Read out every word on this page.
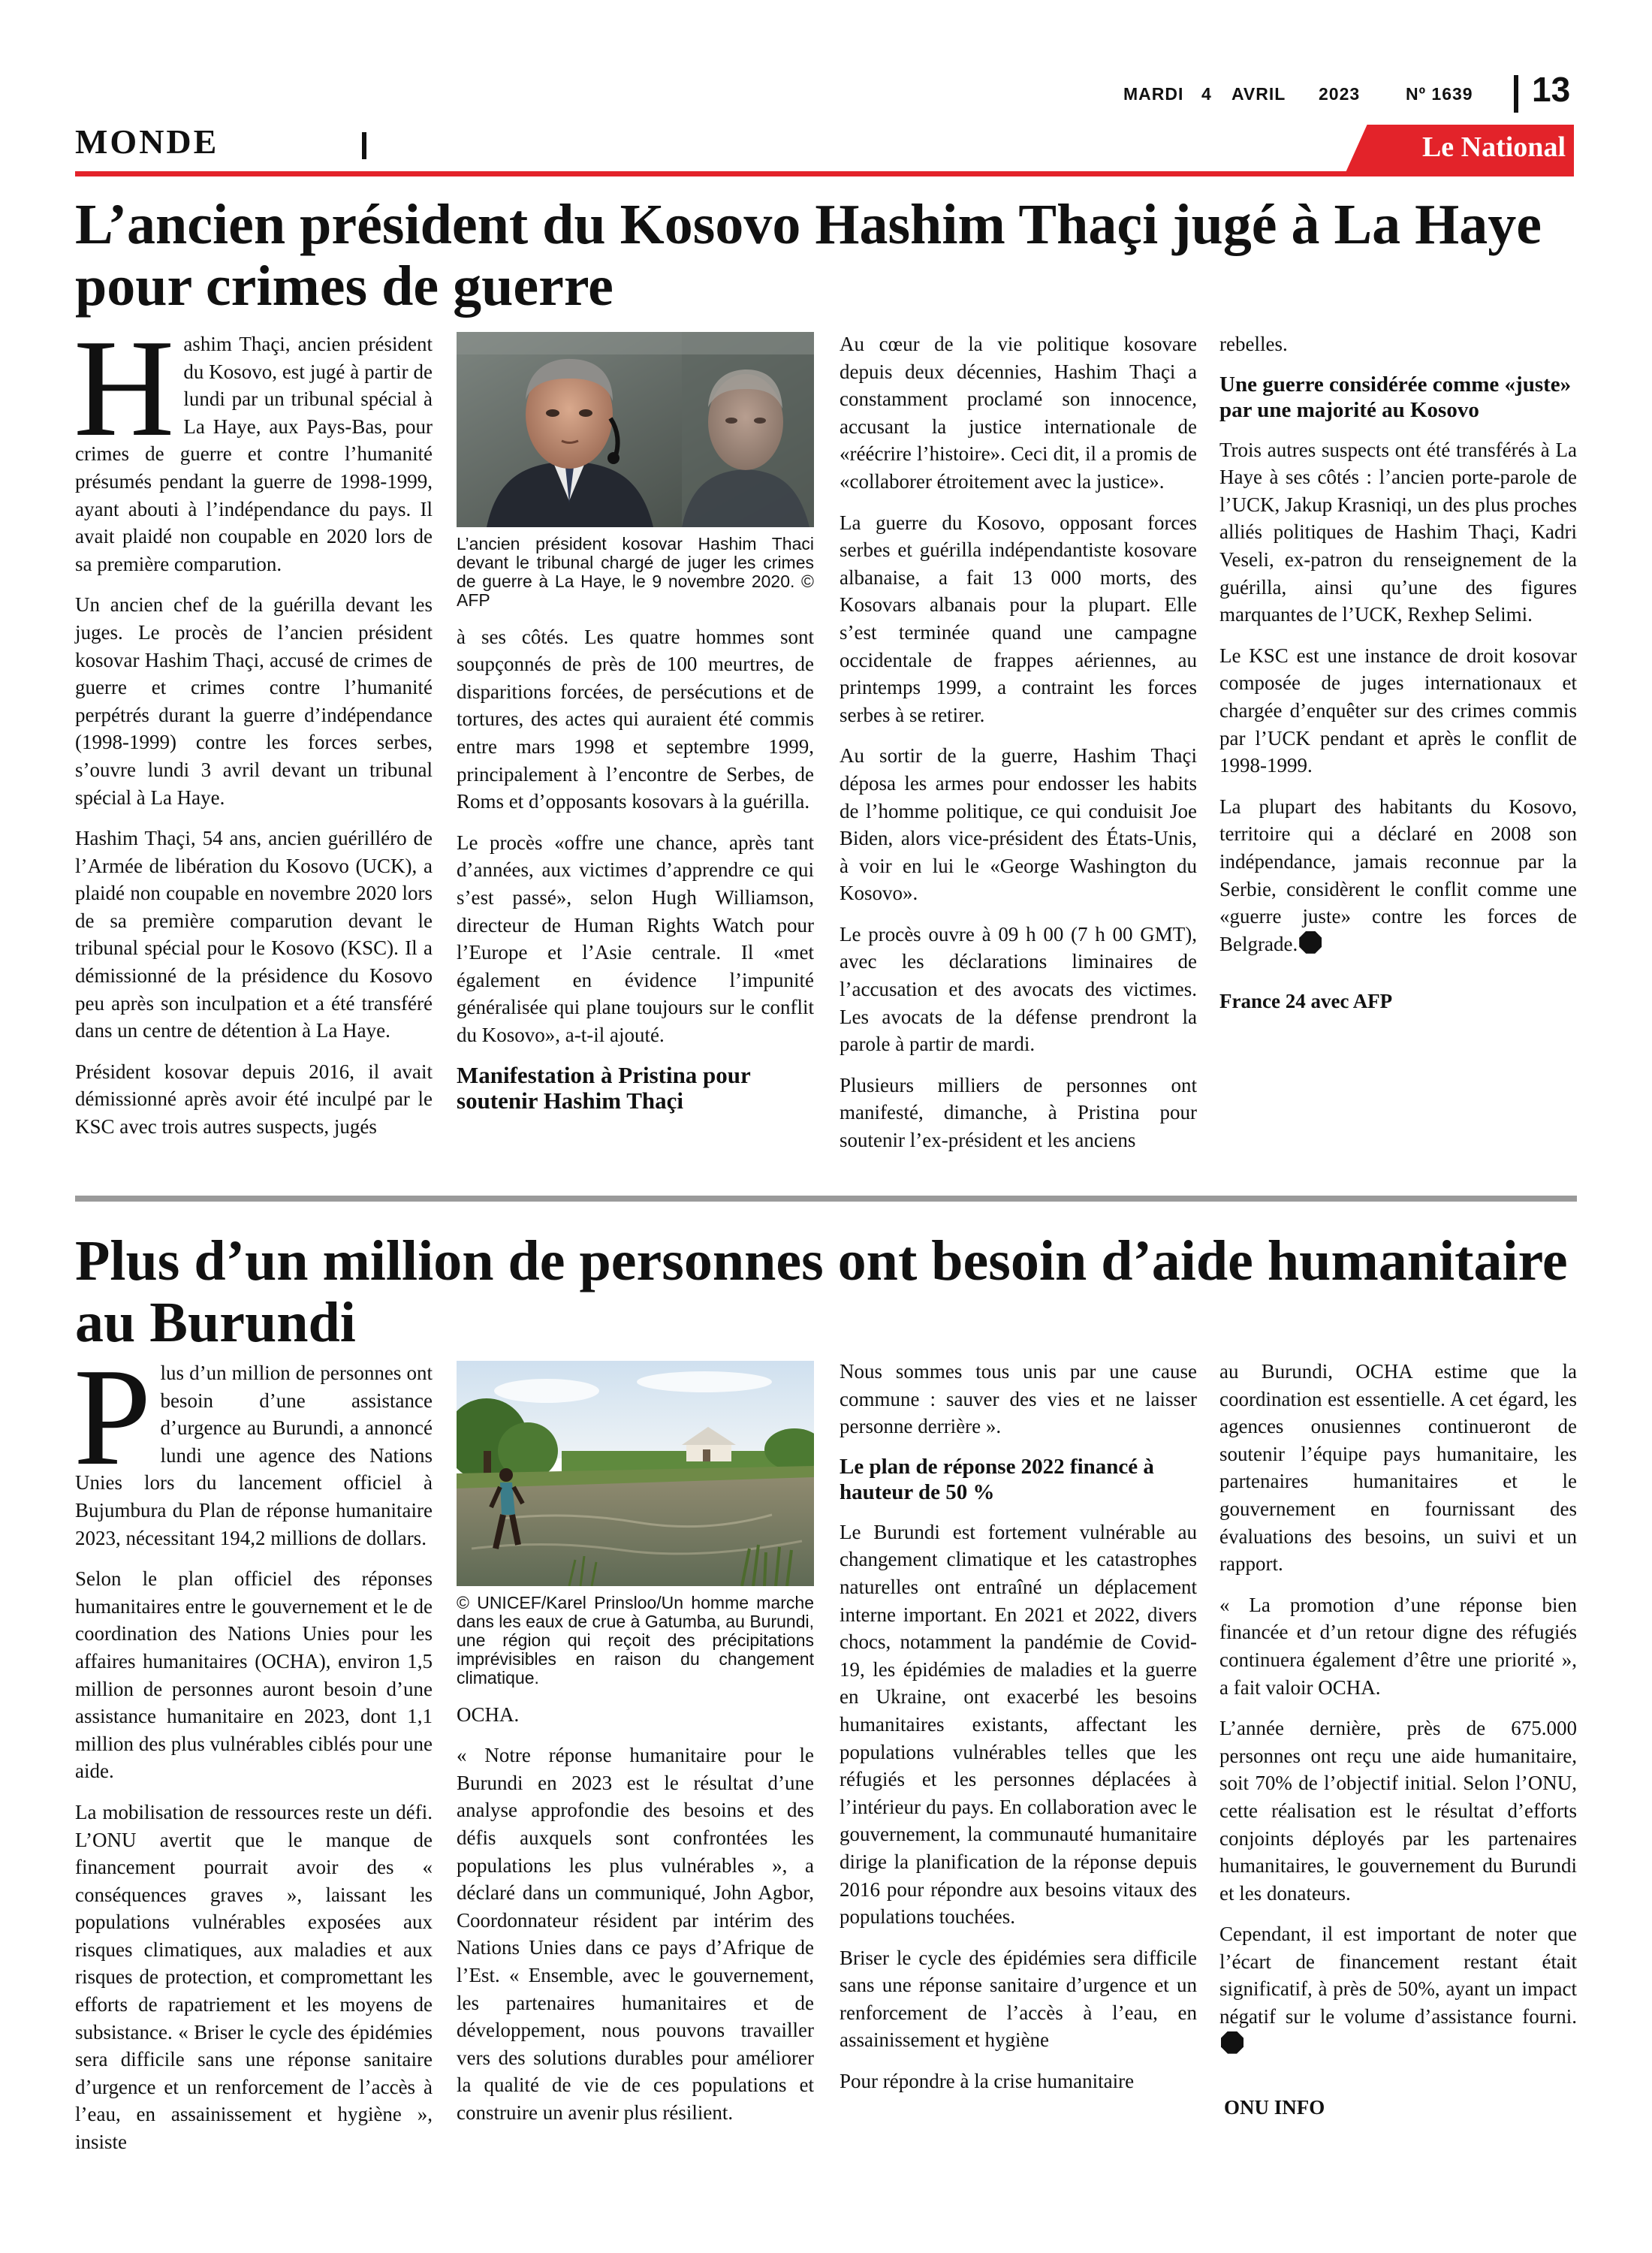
MARDI 4 AVRIL 2023	Nº 1639 13
MONDE	Le National
L’ancien président du Kosovo Hashim Thaçi jugé à La Haye pour crimes de guerre

Hashim Thaçi, ancien président du Kosovo, est jugé à partir de lundi par un tribunal spécial à La Haye, aux Pays-Bas, pour crimes de guerre et contre l’humanité présumés pendant la guerre de 1998-1999, ayant abouti à l’indépendance du pays. Il avait plaidé non coupable en 2020 lors de sa première comparution.

Un ancien chef de la guérilla devant les juges. Le procès de l’ancien président kosovar Hashim Thaçi, accusé de crimes de guerre et crimes contre l’humanité perpétrés durant la guerre d’indépendance (1998-1999) contre les forces serbes, s’ouvre lundi 3 avril devant un tribunal spécial à La Haye.

Hashim Thaçi, 54 ans, ancien guérilléro de l’Armée de libération du Kosovo (UCK), a plaidé non coupable en novembre 2020 lors de sa première comparution devant le tribunal spécial pour le Kosovo (KSC). Il a démissionné de la présidence du Kosovo peu après son inculpation et a été transféré dans un centre de détention à La Haye.

Président kosovar depuis 2016, il avait démissionné après avoir été inculpé par le KSC avec trois autres suspects, jugés

L’ancien président kosovar Hashim Thaci devant le tribunal chargé de juger les crimes de guerre à La Haye, le 9 novembre 2020. © AFP

à ses côtés. Les quatre hommes sont soupçonnés de près de 100 meurtres, de disparitions forcées, de persécutions et de tortures, des actes qui auraient été commis entre mars 1998 et septembre 1999, principalement à l’encontre de Serbes, de Roms et d’opposants kosovars à la guérilla.

Le procès «offre une chance, après tant d’années, aux victimes d’apprendre ce qui s’est passé», selon Hugh Williamson, directeur de Human Rights Watch pour l’Europe et l’Asie centrale. Il «met également en évidence l’impunité généralisée qui plane toujours sur le conflit du Kosovo», a-t-il ajouté.

Manifestation à Pristina pour soutenir Hashim Thaçi

Au cœur de la vie politique kosovare depuis deux décennies, Hashim Thaçi a constamment proclamé son innocence, accusant la justice internationale de «réécrire l’histoire». Ceci dit, il a promis de «collaborer étroitement avec la justice».

La guerre du Kosovo, opposant forces serbes et guérilla indépendantiste kosovare albanaise, a fait 13 000 morts, des Kosovars albanais pour la plupart. Elle s’est terminée quand une campagne occidentale de frappes aériennes, au printemps 1999, a contraint les forces serbes à se retirer.

Au sortir de la guerre, Hashim Thaçi déposa les armes pour endosser les habits de l’homme politique, ce qui conduisit Joe Biden, alors vice-président des États-Unis, à voir en lui le «George Washington du Kosovo».

Le procès ouvre à 09 h 00 (7 h 00 GMT), avec les déclarations liminaires de l’accusation et des avocats des victimes. Les avocats de la défense prendront la parole à partir de mardi.

Plusieurs milliers de personnes ont manifesté, dimanche, à Pristina pour soutenir l’ex-président et les anciens

rebelles.

Une guerre considérée comme «juste» par une majorité au Kosovo

Trois autres suspects ont été transférés à La Haye à ses côtés : l’ancien porte-parole de l’UCK, Jakup Krasniqi, un des plus proches alliés politiques de Hashim Thaçi, Kadri Veseli, ex-patron du renseignement de la guérilla, ainsi qu’une des figures marquantes de l’UCK, Rexhep Selimi.

Le KSC est une instance de droit kosovar composée de juges internationaux et chargée d’enquêter sur des crimes commis par l’UCK pendant et après le conflit de 1998-1999.

La plupart des habitants du Kosovo, territoire qui a déclaré en 2008 son indépendance, jamais reconnue par la Serbie, considèrent le conflit comme une «guerre juste» contre les forces de Belgrade.

France 24 avec AFP

Plus d’un million de personnes ont besoin d’aide humanitaire au Burundi

Plus d’un million de personnes ont besoin d’une assistance d’urgence au Burundi, a annoncé lundi une agence des Nations Unies lors du lancement officiel à Bujumbura du Plan de réponse humanitaire 2023, nécessitant 194,2 millions de dollars.

Selon le plan officiel des réponses humanitaires entre le gouvernement et le de coordination des Nations Unies pour les affaires humanitaires (OCHA), environ 1,5 million de personnes auront besoin d’une assistance humanitaire en 2023, dont 1,1 million des plus vulnérables ciblés pour une aide.

La mobilisation de ressources reste un défi. L’ONU avertit que le manque de financement pourrait avoir des « conséquences graves », laissant les populations vulnérables exposées aux risques climatiques, aux maladies et aux risques de protection, et compromettant les efforts de rapatriement et les moyens de subsistance. « Briser le cycle des épidémies sera difficile sans une réponse sanitaire d’urgence et un renforcement de l’accès à l’eau, en assainissement et hygiène », insiste

© UNICEF/Karel Prinsloo/Un homme marche dans les eaux de crue à Gatumba, au Burundi, une région qui reçoit des précipitations imprévisibles en raison du changement climatique.

OCHA.

« Notre réponse humanitaire pour le Burundi en 2023 est le résultat d’une analyse approfondie des besoins et des défis auxquels sont confrontées les populations les plus vulnérables », a déclaré dans un communiqué, John Agbor, Coordonnateur résident par intérim des Nations Unies dans ce pays d’Afrique de l’Est. « Ensemble, avec le gouvernement, les partenaires humanitaires et de développement, nous pouvons travailler vers des solutions durables pour améliorer la qualité de vie de ces populations et construire un avenir plus résilient.

Nous sommes tous unis par une cause commune : sauver des vies et ne laisser personne derrière ».

Le plan de réponse 2022 financé à hauteur de 50 %

Le Burundi est fortement vulnérable au changement climatique et les catastrophes naturelles ont entraîné un déplacement interne important. En 2021 et 2022, divers chocs, notamment la pandémie de Covid-19, les épidémies de maladies et la guerre en Ukraine, ont exacerbé les besoins humanitaires existants, affectant les populations vulnérables telles que les réfugiés et les personnes déplacées à l’intérieur du pays. En collaboration avec le gouvernement, la communauté humanitaire dirige la planification de la réponse depuis 2016 pour répondre aux besoins vitaux des populations touchées.

Briser le cycle des épidémies sera difficile sans une réponse sanitaire d’urgence et un renforcement de l’accès à l’eau, en assainissement et hygiène

Pour répondre à la crise humanitaire

au Burundi, OCHA estime que la coordination est essentielle. A cet égard, les agences onusiennes continueront de soutenir l’équipe pays humanitaire, les partenaires humanitaires et le gouvernement en fournissant des évaluations des besoins, un suivi et un rapport.

« La promotion d’une réponse bien financée et d’un retour digne des réfugiés continuera également d’être une priorité », a fait valoir OCHA.

L’année dernière, près de 675.000 personnes ont reçu une aide humanitaire, soit 70% de l’objectif initial. Selon l’ONU, cette réalisation est le résultat d’efforts conjoints déployés par les partenaires humanitaires, le gouvernement du Burundi et les donateurs.

Cependant, il est important de noter que l’écart de financement restant était significatif, à près de 50%, ayant un impact négatif sur le volume d’assistance fourni.

ONU INFO
